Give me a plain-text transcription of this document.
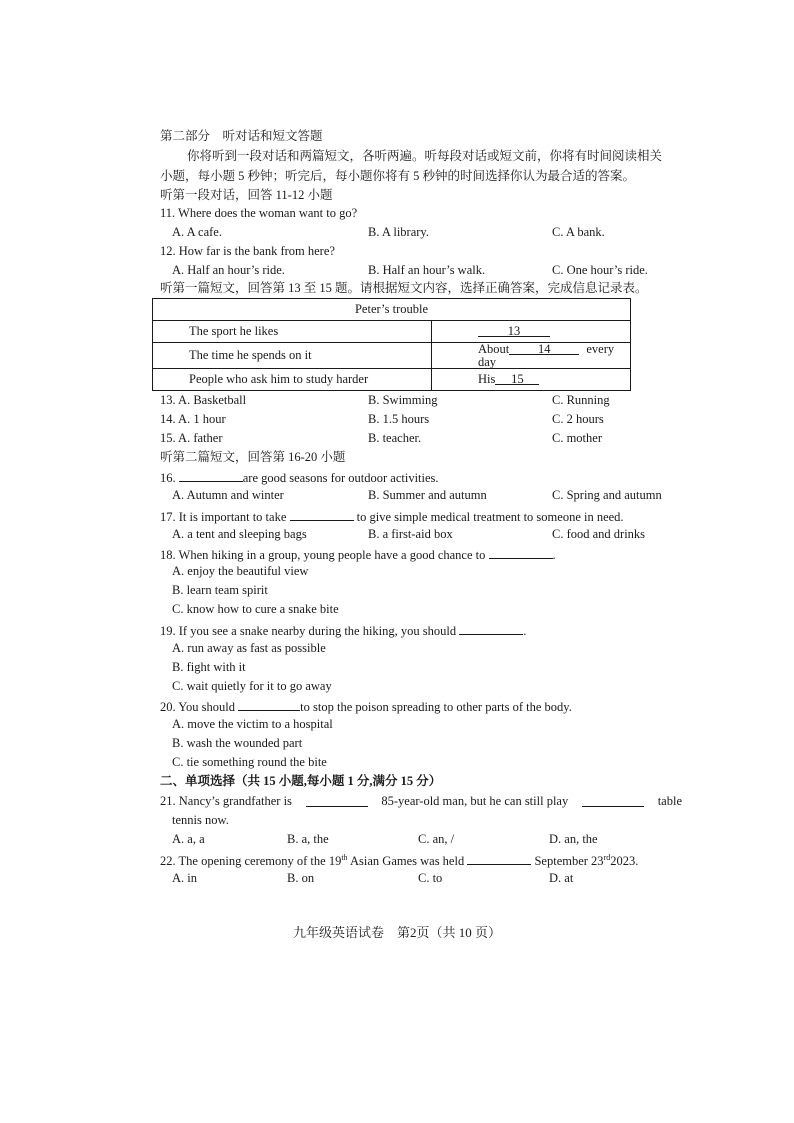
第二部分　听对话和短文答题
你将听到一段对话和两篇短文，各听两遍。听每段对话或短文前，你将有时间阅读相关
小题，每小题 5 秒钟；听完后，每小题你将有 5 秒钟的时间选择你认为最合适的答案。
听第一段对话，回答 11-12 小题
11. Where does the woman want to go?
A. A cafe.	B. A library.	C. A bank.
12. How far is the bank from here?
A. Half an hour’s ride.	B. Half an hour’s walk.	C. One hour’s ride.
听第一篇短文，回答第 13 至 15 题。请根据短文内容，选择正确答案，完成信息记录表。
Peter’s trouble	
The sport he likes	13
The time he spends on it	About 14 every day
People who ask him to study harder	His 15
13. A. Basketball	B. Swimming	C. Running
14. A. 1 hour	B. 1.5 hours	C. 2 hours
15. A. father	B. teacher.	C. mother
听第二篇短文，回答第 16-20 小题
16.	are good seasons for outdoor activities.
A. Autumn and winter	B. Summer and autumn	C. Spring and autumn
17. It is important to take	to give simple medical treatment to someone in need.
A. a tent and sleeping bags	B. a first-aid box	C. food and drinks
18. When hiking in a group, young people have a good chance to	.
A. enjoy the beautiful view
B. learn team spirit
C. know how to cure a snake bite
19. If you see a snake nearby during the hiking, you should	.
A. run away as fast as possible
B. fight with it
C. wait quietly for it to go away
20. You should	to stop the poison spreading to other parts of the body.
A. move the victim to a hospital
B. wash the wounded part
C. tie something round the bite
二、单项选择（共 15 小题,每小题 1 分,满分 15 分）
21. Nancy’s grandfather is	85-year-old man, but he can still play	table
tennis now.
A. a, a	B. a, the	C. an, /	D. an, the
22. The opening ceremony of the 19th Asian Games was held	September 23rd2023.
A. in	B. on	C. to	D. at
九年级英语试卷　第2页（共 10 页）
